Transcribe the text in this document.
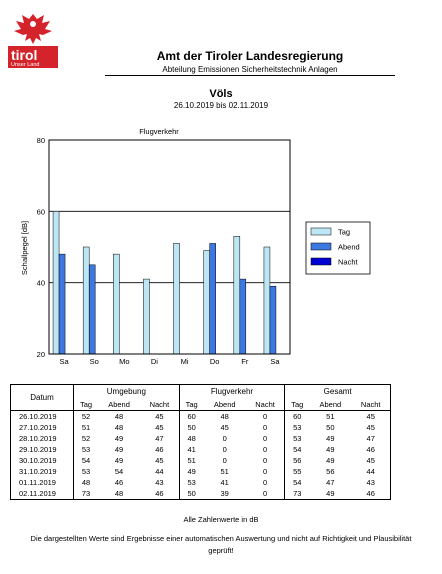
tirol
Unser Land
Amt der Tiroler Landesregierung
Abteilung Emissionen Sicherheitstechnik Anlagen
Völs
26.10.2019 bis 02.11.2019
Flugverkehr
Schallpegel [dB]
20
40
60
80
Sa	So	Mo	Di	Mi	Do	Fr	Sa
Tag
Abend
Nacht
Datum	Umgebung			Flugverkehr			Gesamt		
	Tag	Abend	Nacht	Tag	Abend	Nacht	Tag	Abend	Nacht
26.10.2019	52	48	45	60	48	0	60	51	45
27.10.2019	51	48	45	50	45	0	53	50	45
28.10.2019	52	49	47	48	0	0	53	49	47
29.10.2019	53	49	46	41	0	0	54	49	46
30.10.2019	54	49	45	51	0	0	56	49	45
31.10.2019	53	54	44	49	51	0	55	56	44
01.11.2019	48	46	43	53	41	0	54	47	43
02.11.2019	73	48	46	50	39	0	73	49	46
Alle Zahlenwerte in dB
Die dargestellten Werte sind Ergebnisse einer automatischen Auswertung und nicht auf Richtigkeit und Plausibilität geprüft!
